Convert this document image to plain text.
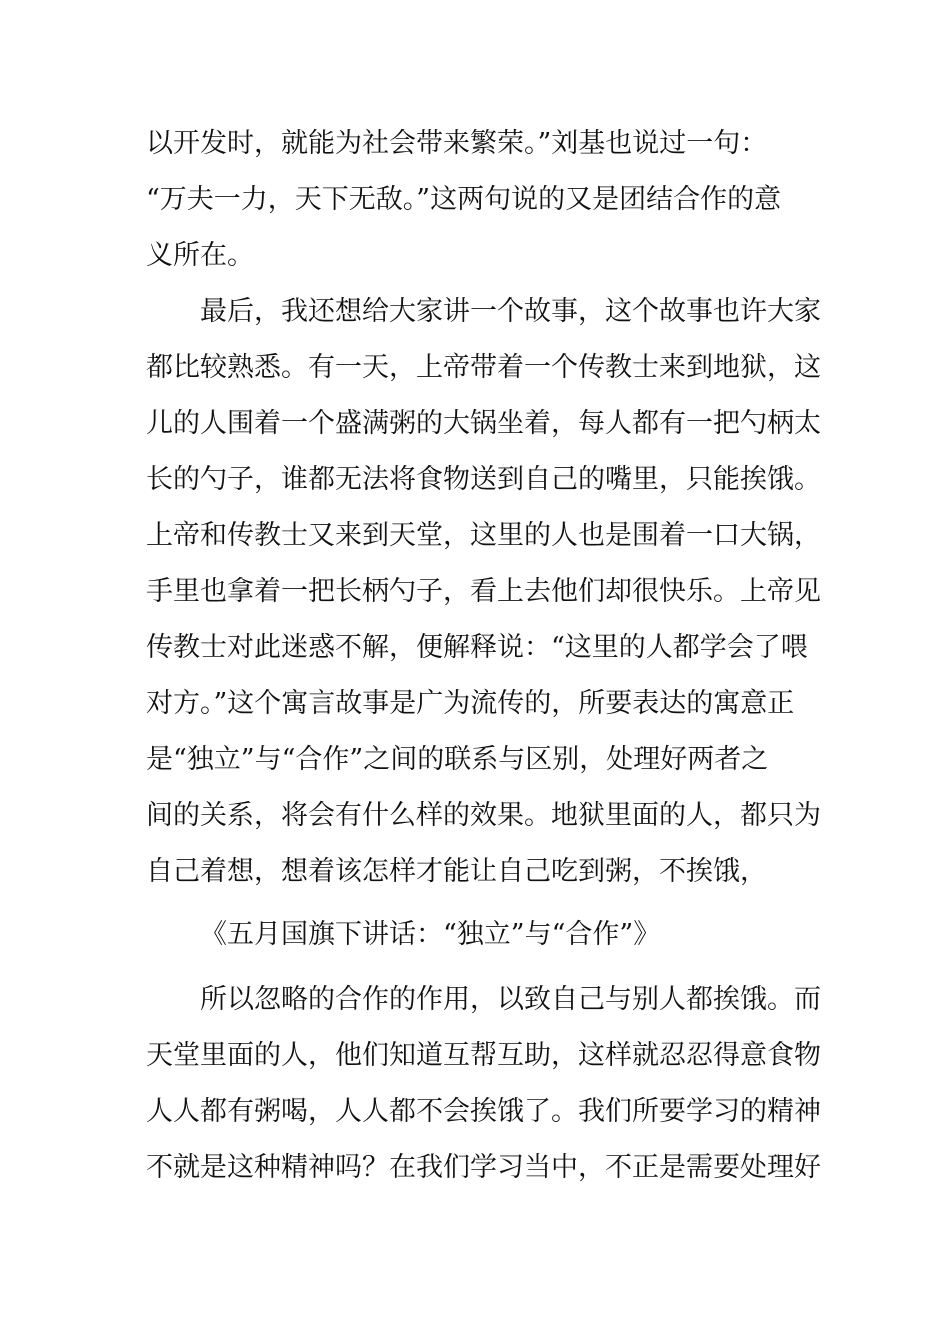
以开发时，就能为社会带来繁荣。”刘基也说过一句：
“万夫一力，天下无敌。”这两句说的又是团结合作的意
义所在。
最后，我还想给大家讲一个故事，这个故事也许大家
都比较熟悉。有一天，上帝带着一个传教士来到地狱，这
儿的人围着一个盛满粥的大锅坐着，每人都有一把勺柄太
长的勺子，谁都无法将食物送到自己的嘴里，只能挨饿。
上帝和传教士又来到天堂，这里的人也是围着一口大锅，
手里也拿着一把长柄勺子，看上去他们却很快乐。上帝见
传教士对此迷惑不解，便解释说：“这里的人都学会了喂
对方。”这个寓言故事是广为流传的，所要表达的寓意正
是“独立”与“合作”之间的联系与区别，处理好两者之
间的关系，将会有什么样的效果。地狱里面的人，都只为
自己着想，想着该怎样才能让自己吃到粥，不挨饿，
《五月国旗下讲话：“独立”与“合作”》
所以忽略的合作的作用，以致自己与别人都挨饿。而
天堂里面的人，他们知道互帮互助，这样就忍忍得意食物
人人都有粥喝，人人都不会挨饿了。我们所要学习的精神
不就是这种精神吗？在我们学习当中，不正是需要处理好
